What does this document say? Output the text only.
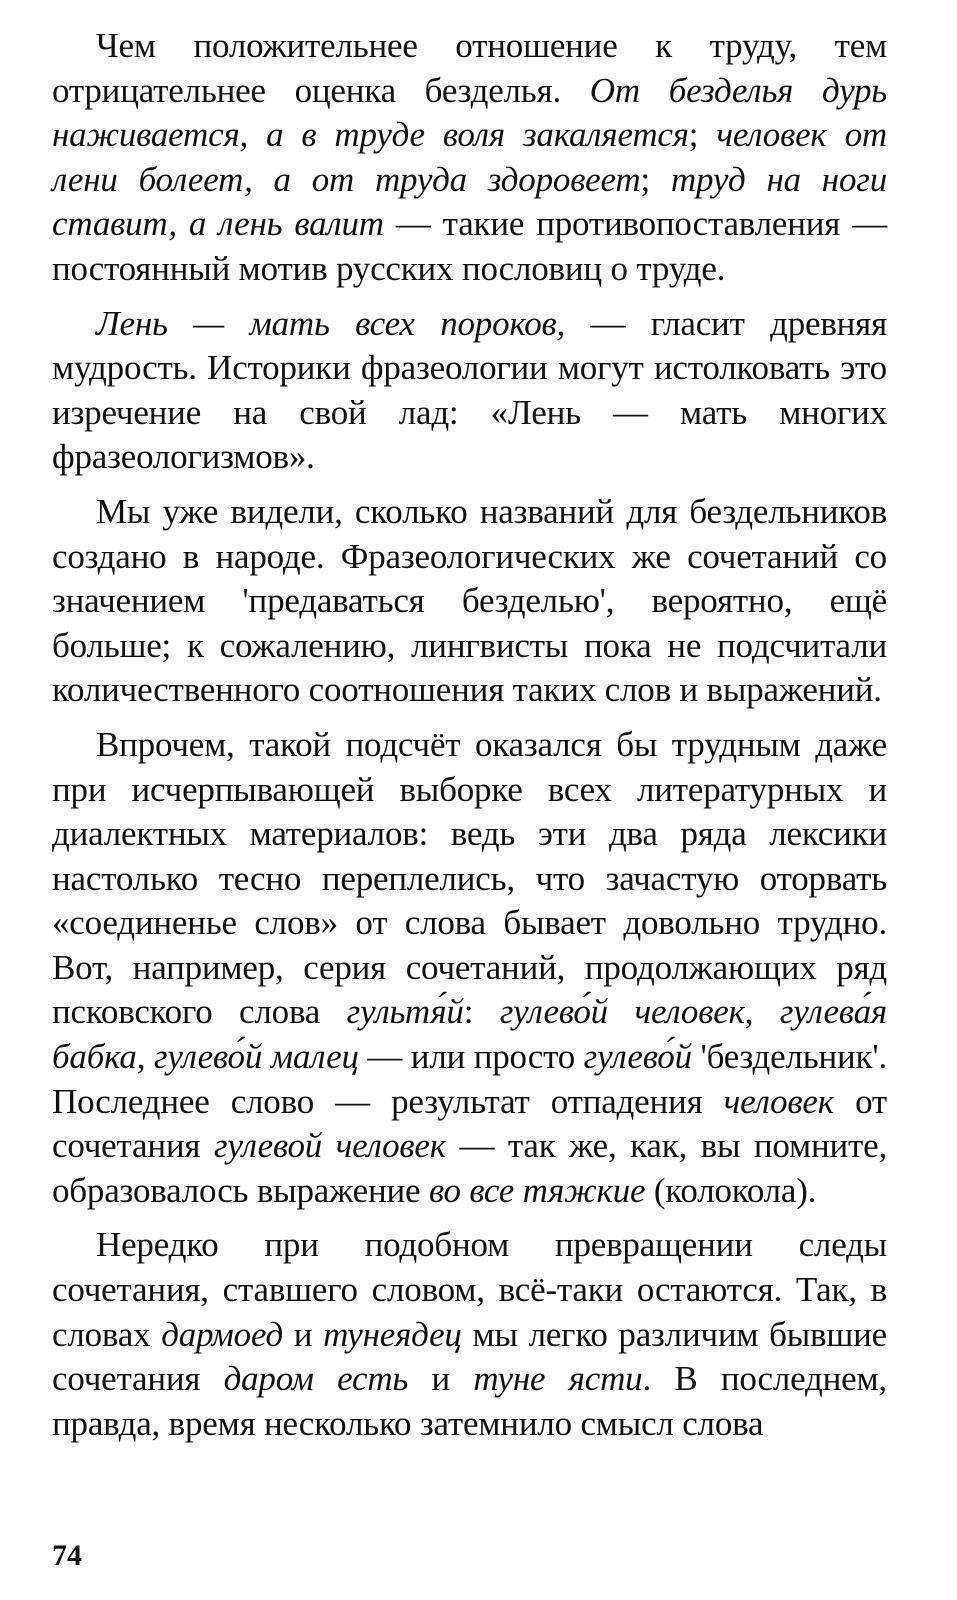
Чем положительнее отношение к труду, тем отрицательнее оценка безделья. От безделья дурь наживается, а в труде воля закаляется; человек от лени болеет, а от труда здоровеет; труд на ноги ставит, а лень валит — такие противопоставления — постоянный мотив русских пословиц о труде.

Лень — мать всех пороков, — гласит древняя мудрость. Историки фразеологии могут истолковать это изречение на свой лад: «Лень — мать многих фразеологизмов».

Мы уже видели, сколько названий для бездельников создано в народе. Фразеологических же сочетаний со значением 'предаваться безделью', вероятно, ещё больше; к сожалению, лингвисты пока не подсчитали количественного соотношения таких слов и выражений.

Впрочем, такой подсчёт оказался бы трудным даже при исчерпывающей выборке всех литературных и диалектных материалов: ведь эти два ряда лексики настолько тесно переплелись, что зачастую оторвать «соединенье слов» от слова бывает довольно трудно. Вот, например, серия сочетаний, продолжающих ряд псковского слова гультя́й: гулево́й человек, гулева́я бабка, гулево́й малец — или просто гулево́й 'бездельник'. Последнее слово — результат отпадения человек от сочетания гулевой человек — так же, как, вы помните, образовалось выражение во все тяжкие (колокола).

Нередко при подобном превращении следы сочетания, ставшего словом, всё-таки остаются. Так, в словах дармоед и тунеядец мы легко различим бывшие сочетания даром есть и туне ясти. В последнем, правда, время несколько затемнило смысл слова

74
